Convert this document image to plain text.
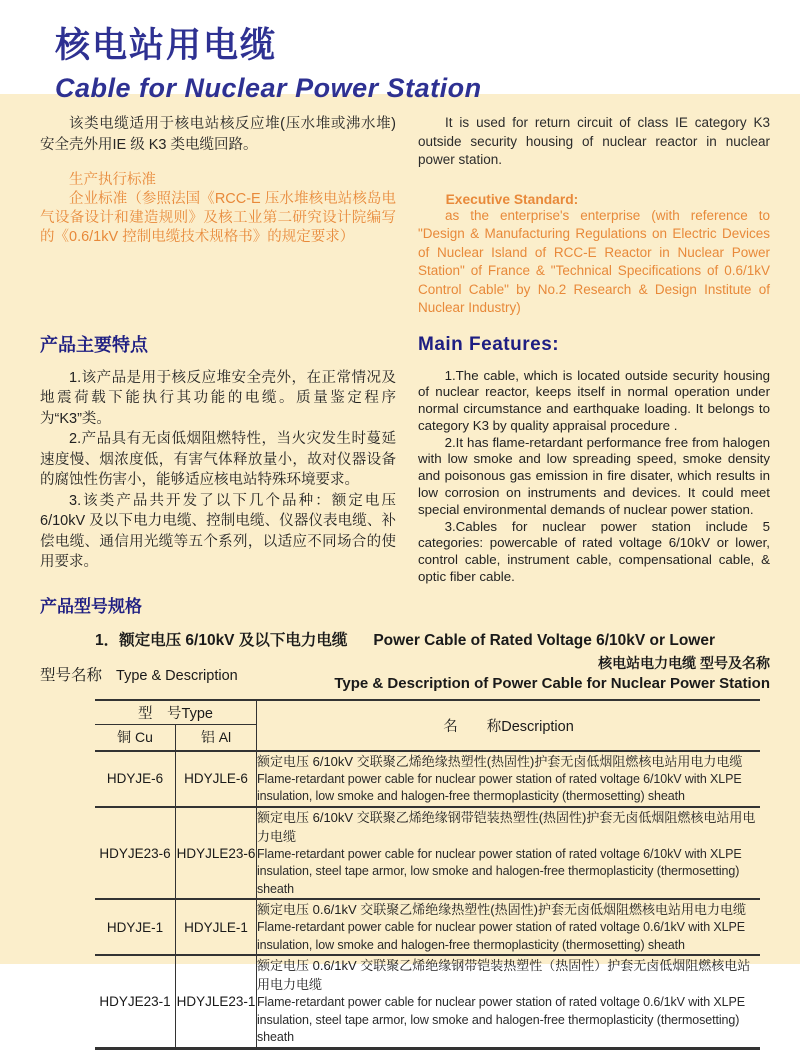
核电站用电缆
Cable for Nuclear Power Station

该类电缆适用于核电站核反应堆(压水堆或沸水堆)安全壳外用IE 级 K3 类电缆回路。

生产执行标准

企业标准（参照法国《RCC-E 压水堆核电站核岛电气设备设计和建造规则》及核工业第二研究设计院编写的《0.6/1kV 控制电缆技术规格书》的规定要求）

It is used for return circuit of class IE category K3 outside security housing of nuclear reactor in nuclear power station.

Executive Standard:

as the enterprise's enterprise (with reference to "Design & Manufacturing Regulations on Electric Devices of Nuclear Island of RCC-E Reactor in Nuclear Power Station" of France & "Technical Specifications of 0.6/1kV Control Cable" by No.2 Research & Design Institute of Nuclear Industry)

产品主要特点

1.该产品是用于核反应堆安全壳外，在正常情况及地震荷载下能执行其功能的电缆。质量鉴定程序为“K3”类。

2.产品具有无卤低烟阻燃特性，当火灾发生时蔓延速度慢、烟浓度低，有害气体释放量小，故对仪器设备的腐蚀性伤害小，能够适应核电站特殊环境要求。

3.该类产品共开发了以下几个品种：额定电压 6/10kV 及以下电力电缆、控制电缆、仪器仪表电缆、补偿电缆、通信用光缆等五个系列，以适应不同场合的使用要求。

Main Features:

1.The cable, which is located outside security housing of nuclear reactor, keeps itself in normal operation under normal circumstance and earthquake loading. It belongs to category K3 by quality appraisal procedure .

2.It has flame-retardant performance free from halogen with low smoke and low spreading speed, smoke density and poisonous gas emission in fire disater, which results in low corrosion on instruments and devices. It could meet special environmental demands of nuclear power station.

3.Cables for nuclear power station include 5 categories: powercable of rated voltage 6/10kV or lower, control cable, instrument cable, compensational cable, & optic fiber cable.

产品型号规格
1．额定电压 6/10kV 及以下电力电缆 Power Cable of Rated Voltage 6/10kV or Lower
型号名称 Type & Description
核电站电力电缆 型号及名称
Type & Description of Power Cable for Nuclear Power Station
型　号Type		名　　称Description
铜 Cu	铝 Al	
HDYJE-6	HDYJLE-6	额定电压 6/10kV 交联聚乙烯绝缘热塑性(热固性)护套无卤低烟阻燃核电站用电力电缆
Flame-retardant power cable for nuclear power station of rated voltage 6/10kV with XLPE insulation, low smoke and halogen-free thermoplasticity (thermosetting) sheath

HDYJE23-6	HDYJLE23-6	额定电压 6/10kV 交联聚乙烯绝缘钢带铠装热塑性(热固性)护套无卤低烟阻燃核电站用电力电缆
Flame-retardant power cable for nuclear power station of rated voltage 6/10kV with XLPE insulation, steel tape armor, low smoke and halogen-free thermoplasticity (thermosetting) sheath

HDYJE-1	HDYJLE-1	额定电压 0.6/1kV 交联聚乙烯绝缘热塑性(热固性)护套无卤低烟阻燃核电站用电力电缆
Flame-retardant power cable for nuclear power station of rated voltage 0.6/1kV with XLPE insulation, low smoke and halogen-free thermoplasticity (thermosetting) sheath

HDYJE23-1	HDYJLE23-1	额定电压 0.6/1kV 交联聚乙烯绝缘钢带铠装热塑性（热固性）护套无卤低烟阻燃核电站用电力电缆
Flame-retardant power cable for nuclear power station of rated voltage 0.6/1kV with XLPE insulation, steel tape armor, low smoke and halogen-free thermoplasticity (thermosetting) sheath
